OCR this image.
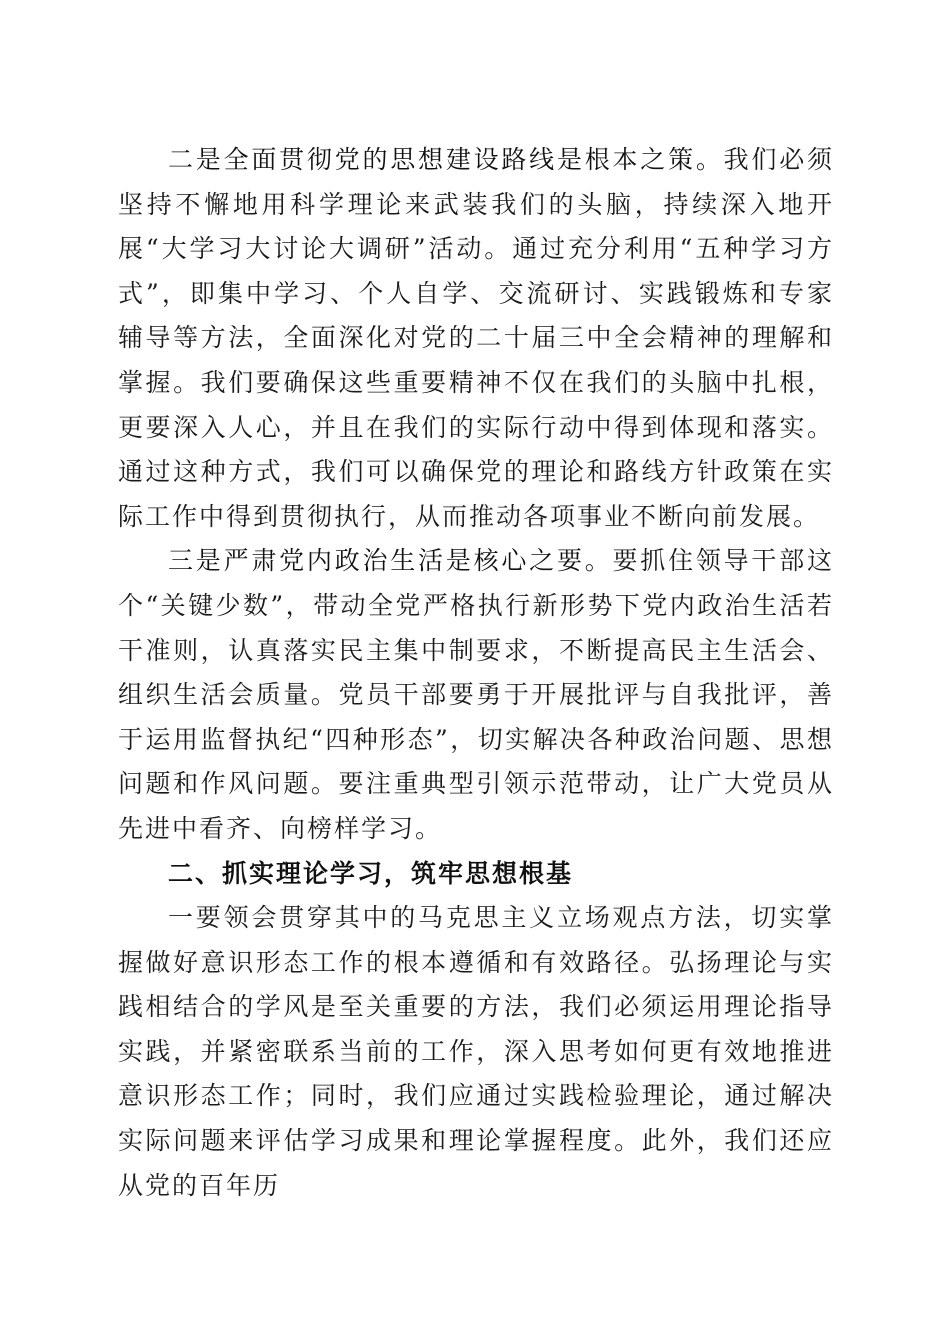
二是全面贯彻党的思想建设路线是根本之策。我们必须坚持不懈地用科学理论来武装我们的头脑，持续深入地开展“大学习大讨论大调研”活动。通过充分利用“五种学习方式”，即集中学习、个人自学、交流研讨、实践锻炼和专家辅导等方法，全面深化对党的二十届三中全会精神的理解和掌握。我们要确保这些重要精神不仅在我们的头脑中扎根，更要深入人心，并且在我们的实际行动中得到体现和落实。通过这种方式，我们可以确保党的理论和路线方针政策在实际工作中得到贯彻执行，从而推动各项事业不断向前发展。

三是严肃党内政治生活是核心之要。要抓住领导干部这个“关键少数”，带动全党严格执行新形势下党内政治生活若干准则，认真落实民主集中制要求，不断提高民主生活会、组织生活会质量。党员干部要勇于开展批评与自我批评，善于运用监督执纪“四种形态”，切实解决各种政治问题、思想问题和作风问题。要注重典型引领示范带动，让广大党员从先进中看齐、向榜样学习。

二、抓实理论学习，筑牢思想根基

一要领会贯穿其中的马克思主义立场观点方法，切实掌握做好意识形态工作的根本遵循和有效路径。弘扬理论与实践相结合的学风是至关重要的方法，我们必须运用理论指导实践，并紧密联系当前的工作，深入思考如何更有效地推进意识形态工作；同时，我们应通过实践检验理论，通过解决实际问题来评估学习成果和理论掌握程度。此外，我们还应从党的百年历
